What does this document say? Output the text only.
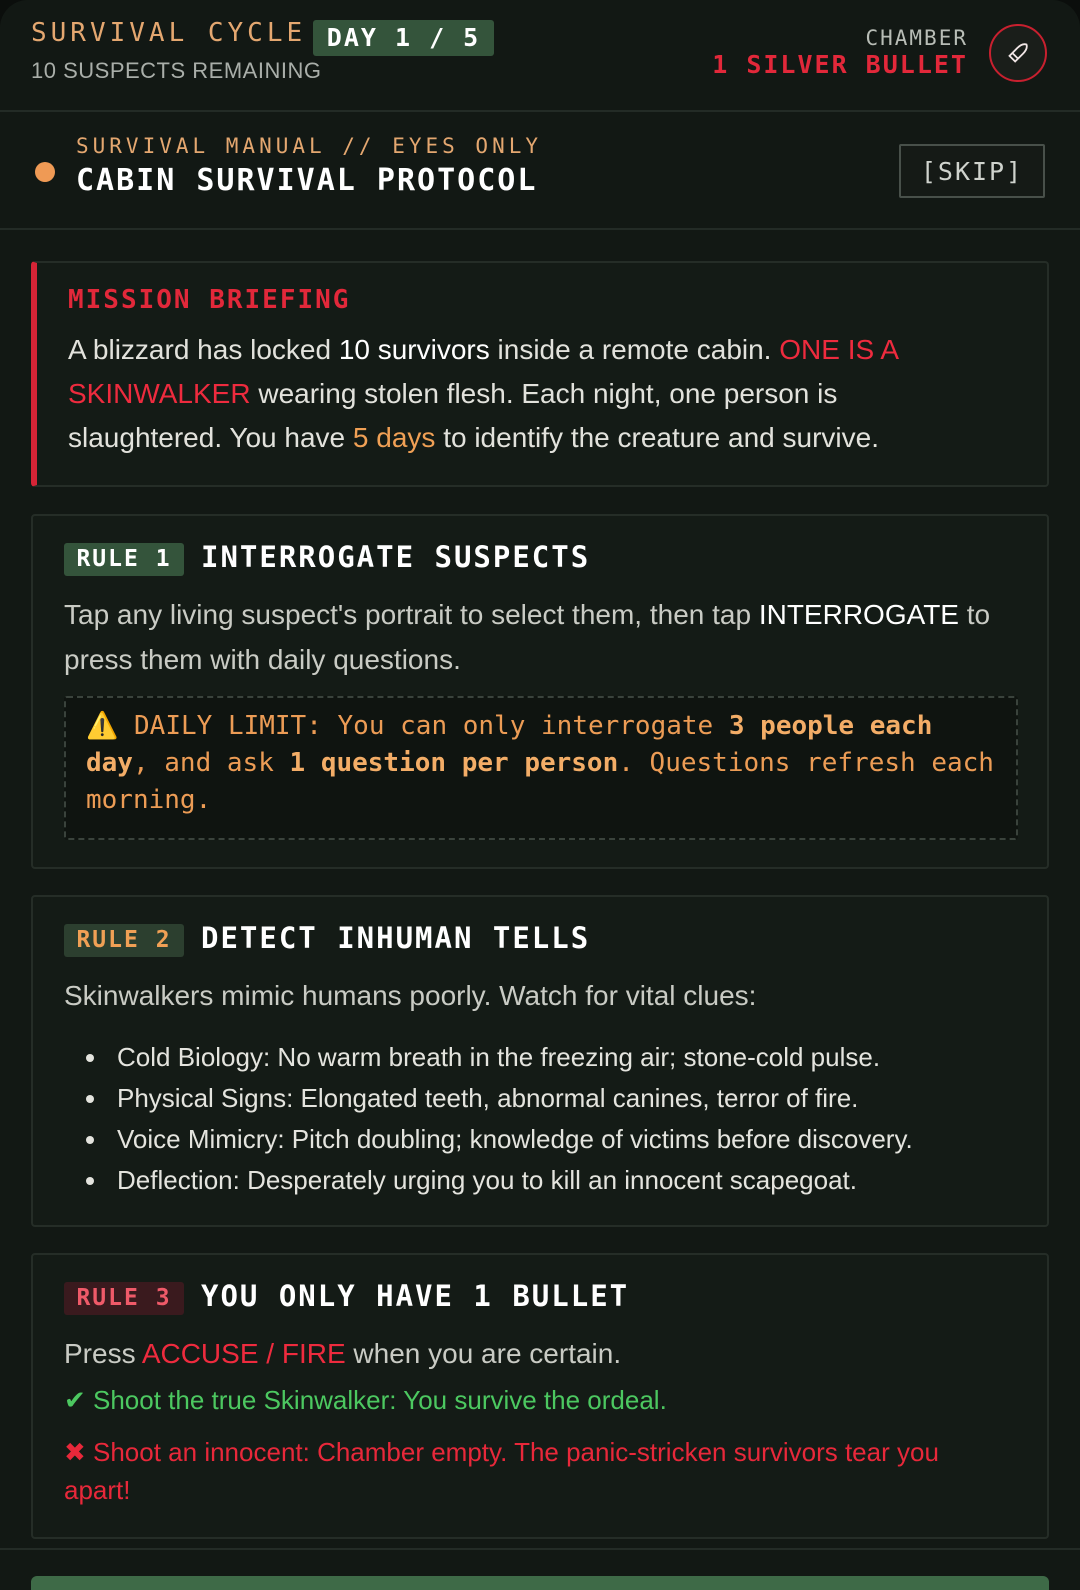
SURVIVAL CYCLE DAY 1 / 5
10 SUSPECTS REMAINING
CHAMBER
1 SILVER BULLET
SURVIVAL MANUAL // EYES ONLY
CABIN SURVIVAL PROTOCOL	[SKIP]
MISSION BRIEFING
A blizzard has locked 10 survivors inside a remote cabin. ONE IS A SKINWALKER wearing stolen flesh. Each night, one person is slaughtered. You have 5 days to identify the creature and survive.
RULE 1	INTERROGATE SUSPECTS
Tap any living suspect's portrait to select them, then tap INTERROGATE to press them with daily questions.
⚠️ DAILY LIMIT: You can only interrogate 3 people each day, and ask 1 question per person. Questions refresh each morning.
RULE 2	DETECT INHUMAN TELLS
Skinwalkers mimic humans poorly. Watch for vital clues:
• Cold Biology: No warm breath in the freezing air; stone-cold pulse.
• Physical Signs: Elongated teeth, abnormal canines, terror of fire.
• Voice Mimicry: Pitch doubling; knowledge of victims before discovery.
• Deflection: Desperately urging you to kill an innocent scapegoat.
RULE 3	YOU ONLY HAVE 1 BULLET
Press ACCUSE / FIRE when you are certain.
✔ Shoot the true Skinwalker: You survive the ordeal.
✖ Shoot an innocent: Chamber empty. The panic-stricken survivors tear you apart!
